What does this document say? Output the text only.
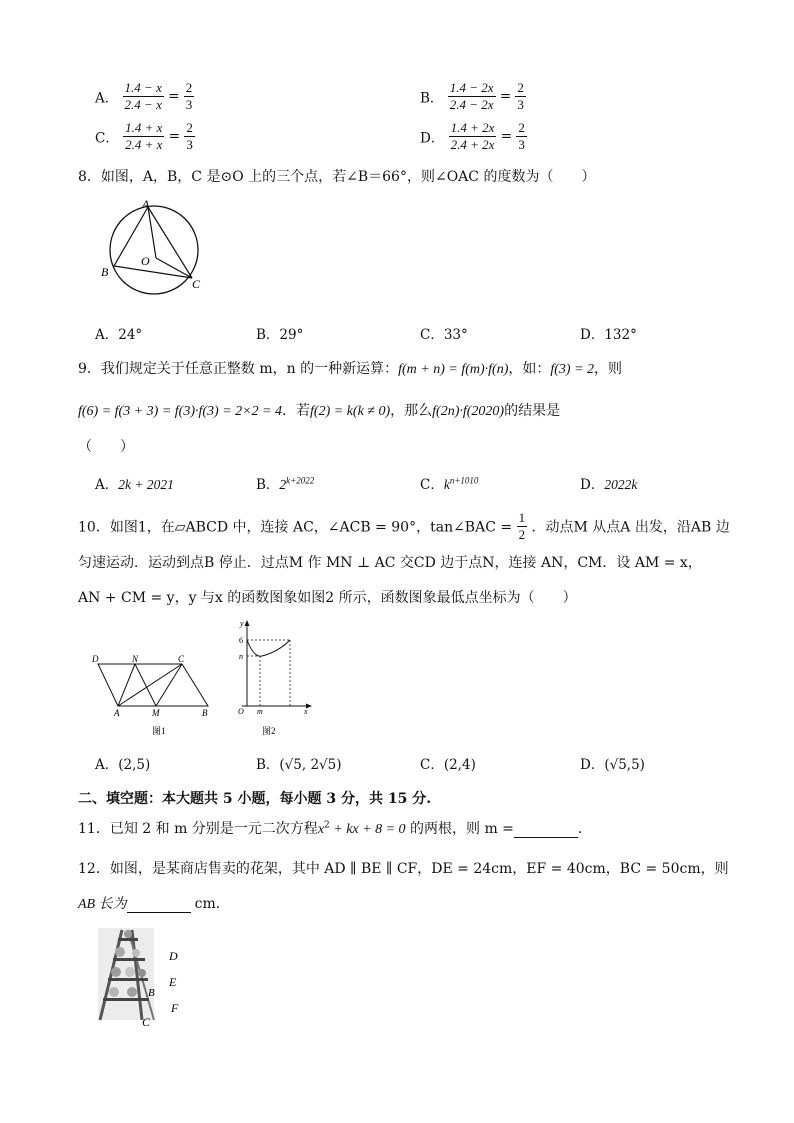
A． $\frac{1.4 - x}{2.4 - x} = \frac{2}{3}$	B． $\frac{1.4 - 2x}{2.4 - 2x} = \frac{2}{3}$
C． $\frac{1.4 + x}{2.4 + x} = \frac{2}{3}$	D． $\frac{1.4 + 2x}{2.4 + 2x} = \frac{2}{3}$
8．如图，A，B，C 是⊙O 上的三个点，若∠B＝66°，则∠OAC 的度数为（　　）
A
B
C
O
A．24°	B．29°	C．33°	D．132°
9．我们规定关于任意正整数 m，n 的一种新运算：f(m + n) = f(m)·f(n)，如：f(3) = 2，则
f(6) = f(3 + 3) = f(3)·f(3) = 2×2 = 4．若f(2) = k(k ≠ 0)，那么f(2n)·f(2020)的结果是
（　　）
A．2k + 2021	B．$2^{k+2022}$	C．$k^{n+1010}$	D．2022k
10．如图1，在▱ABCD 中，连接 AC，∠ACB = 90°，tan∠BAC = $\frac{1}{2}$ ．动点M 从点A 出发，沿AB 边
匀速运动．运动到点B 停止．过点M 作 MN ⊥ AC 交CD 边于点N，连接 AN，CM．设 AM = x，
AN + CM = y，y 与x 的函数图象如图2 所示，函数图象最低点坐标为（　　）
D	N	C
A	M	B
图1
y
6
n
O m	x
图2
A．(2,5)	B．(√5, 2√5)	C．(2,4)	D．(√5,5)
二、填空题：本大题共 5 小题，每小题 3 分，共 15 分.
11．已知 2 和 m 分别是一元二次方程$x^2$ + kx + 8 = 0 的两根，则 m =	．
12．如图，是某商店售卖的花架，其中 AD ∥ BE ∥ CF，DE = 24cm，EF = 40cm，BC = 50cm，则
AB 长为	cm．
D
E
B
F
C
